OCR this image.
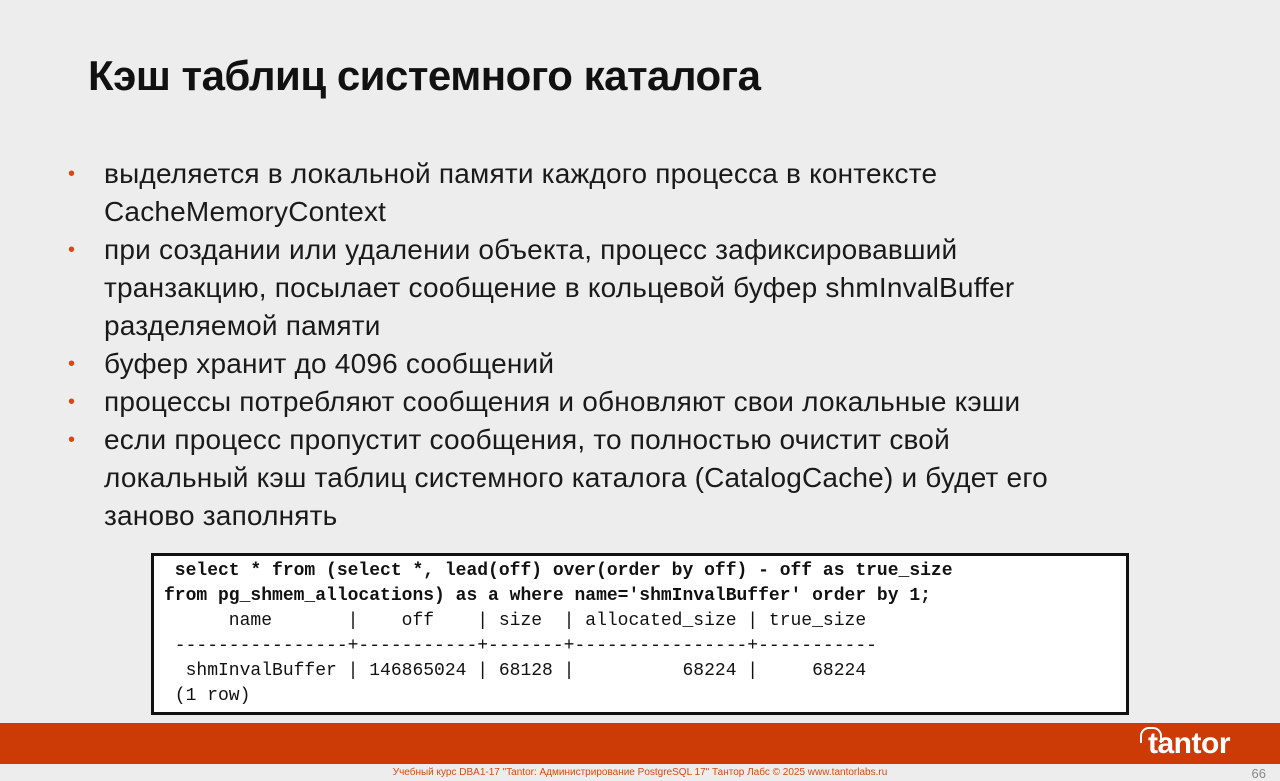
Кэш таблиц системного каталога
• выделяется в локальной памяти каждого процесса в контексте
CacheMemoryContext
• при создании или удалении объекта, процесс зафиксировавший
транзакцию, посылает сообщение в кольцевой буфер shmInvalBuffer
разделяемой памяти
• буфер хранит до 4096 сообщений
• процессы потребляют сообщения и обновляют свои локальные кэши
• если процесс пропустит сообщения, то полностью очистит свой
локальный кэш таблиц системного каталога (CatalogCache) и будет его
заново заполнять
select * from (select *, lead(off) over(order by off) - off as true_size
from pg_shmem_allocations) as a where name='shmInvalBuffer' order by 1;
name       |    off    | size  | allocated_size | true_size
----------------+-----------+-------+----------------+-----------
shmInvalBuffer | 146865024 | 68128 |          68224 |     68224
(1 row)
tantor
Учебный курс DBA1-17 "Tantor: Администрирование PostgreSQL 17" Тантор Лабс © 2025 www.tantorlabs.ru	66
